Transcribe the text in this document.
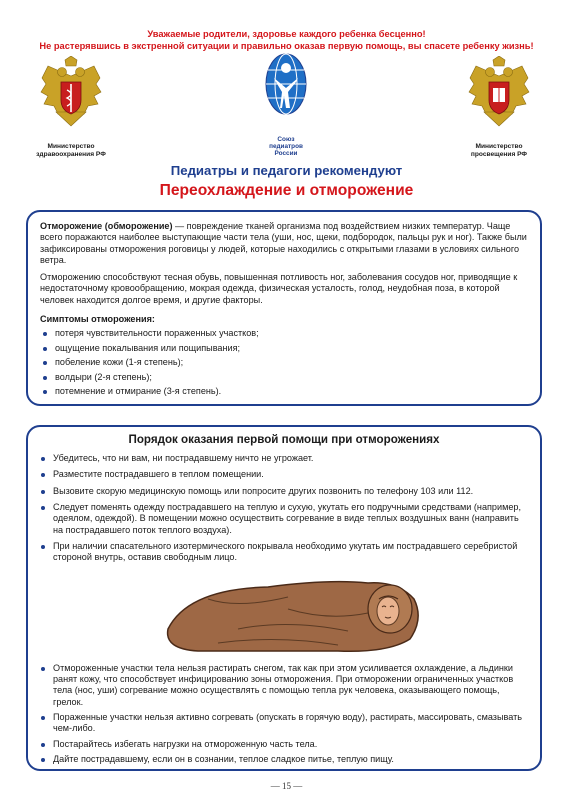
Уважаемые родители, здоровье каждого ребенка бесценно!
Не растерявшись в экстренной ситуации и правильно оказав первую помощь, вы спасете ребенку жизнь!
Министерство
здравоохранения РФ
Союз
педиатров
России
Министерство
просвещения РФ
Педиатры и педагоги рекомендуют
Переохлаждение и отморожение

Отморожение (обморожение) — повреждение тканей организма под воздействием низких температур. Чаще всего поражаются наиболее выступающие части тела (уши, нос, щеки, подбородок, пальцы рук и ног). Также были зафиксированы отморожения роговицы у людей, которые находились с открытыми глазами в условиях сильного ветра.

Отморожению способствуют тесная обувь, повышенная потливость ног, заболевания сосудов ног, приводящие к недостаточному кровообращению, мокрая одежда, физическая усталость, голод, неудобная поза, в которой человек находится долгое время, и другие факторы.

Симптомы отморожения:

потеря чувствительности пораженных участков;
ощущение покалывания или пощипывания;
побеление кожи (1-я степень);
волдыри (2-я степень);
потемнение и отмирание (3-я степень).

Порядок оказания первой помощи при отморожениях

Убедитесь, что ни вам, ни пострадавшему ничто не угрожает.
Разместите пострадавшего в теплом помещении.
Вызовите скорую медицинскую помощь или попросите других позвонить по телефону 103 или 112.
Следует поменять одежду пострадавшего на теплую и сухую, укутать его подручными средствами (например, одеялом, одеждой). В помещении можно осуществить согревание в виде теплых воздушных ванн (направить на пострадавшего поток теплого воздуха).
При наличии спасательного изотермического покрывала необходимо укутать им пострадавшего серебристой стороной внутрь, оставив свободным лицо.
Отмороженные участки тела нельзя растирать снегом, так как при этом усиливается охлаждение, а льдинки ранят кожу, что способствует инфицированию зоны отморожения. При отморожении ограниченных участков тела (нос, уши) согревание можно осуществлять с помощью тепла рук человека, оказывающего помощь, грелок.
Пораженные участки нельзя активно согревать (опускать в горячую воду), растирать, массировать, смазывать чем-либо.
Постарайтесь избегать нагрузки на отмороженную часть тела.
Дайте пострадавшему, если он в сознании, теплое сладкое питье, теплую пищу.
— 15 —
